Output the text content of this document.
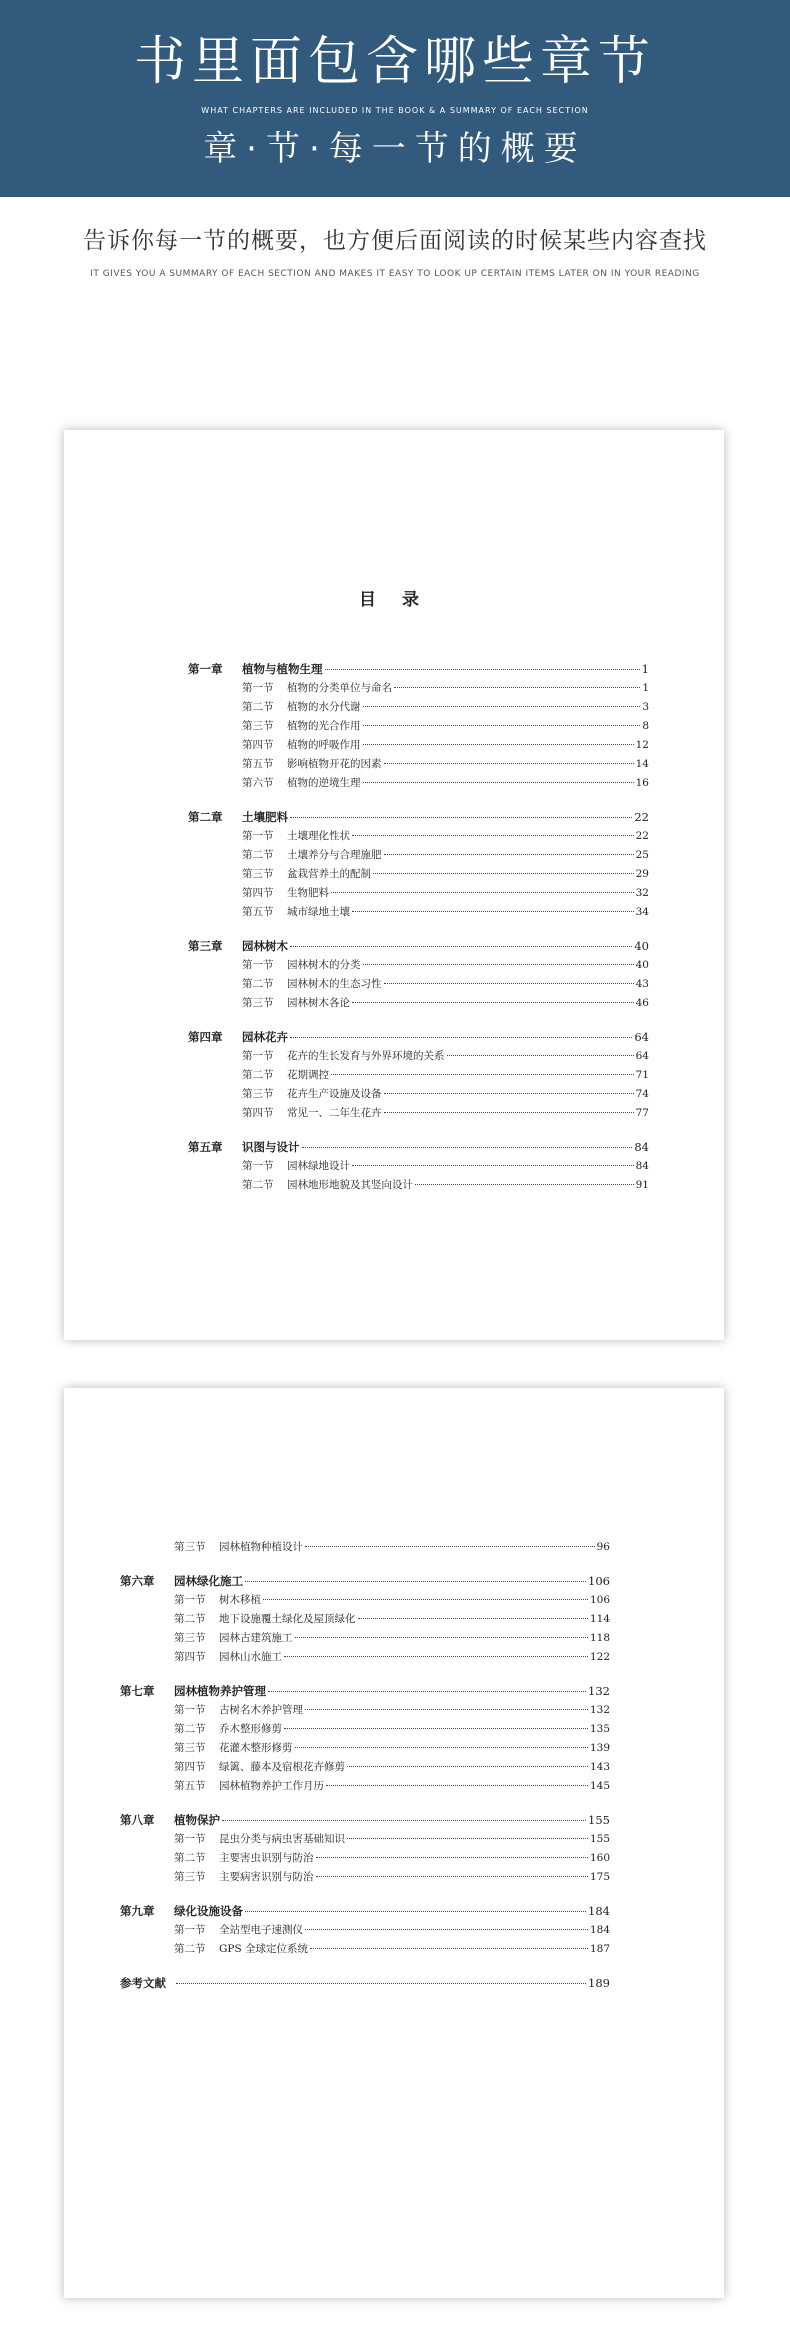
书里面包含哪些章节
WHAT CHAPTERS ARE INCLUDED IN THE BOOK & A SUMMARY OF EACH SECTION
章·节·每一节的概要
告诉你每一节的概要，也方便后面阅读的时候某些内容查找
IT GIVES YOU A SUMMARY OF EACH SECTION AND MAKES IT EASY TO LOOK UP CERTAIN ITEMS LATER ON IN YOUR READING
目 录
第一章	植物与植物生理	1
第一节	植物的分类单位与命名	1
第二节	植物的水分代谢	3
第三节	植物的光合作用	8
第四节	植物的呼吸作用	12
第五节	影响植物开花的因素	14
第六节	植物的逆境生理	16
第二章	土壤肥料	22
第一节	土壤理化性状	22
第二节	土壤养分与合理施肥	25
第三节	盆栽营养土的配制	29
第四节	生物肥料	32
第五节	城市绿地土壤	34
第三章	园林树木	40
第一节	园林树木的分类	40
第二节	园林树木的生态习性	43
第三节	园林树木各论	46
第四章	园林花卉	64
第一节	花卉的生长发育与外界环境的关系	64
第二节	花期调控	71
第三节	花卉生产设施及设备	74
第四节	常见一、二年生花卉	77
第五章	识图与设计	84
第一节	园林绿地设计	84
第二节	园林地形地貌及其竖向设计	91
第三节	园林植物种植设计	96
第六章	园林绿化施工	106
第一节	树木移植	106
第二节	地下设施覆土绿化及屋顶绿化	114
第三节	园林古建筑施工	118
第四节	园林山水施工	122
第七章	园林植物养护管理	132
第一节	古树名木养护管理	132
第二节	乔木整形修剪	135
第三节	花灌木整形修剪	139
第四节	绿篱、藤本及宿根花卉修剪	143
第五节	园林植物养护工作月历	145
第八章	植物保护	155
第一节	昆虫分类与病虫害基础知识	155
第二节	主要害虫识别与防治	160
第三节	主要病害识别与防治	175
第九章	绿化设施设备	184
第一节	全站型电子速测仪	184
第二节	GPS 全球定位系统	187
参考文献	189
